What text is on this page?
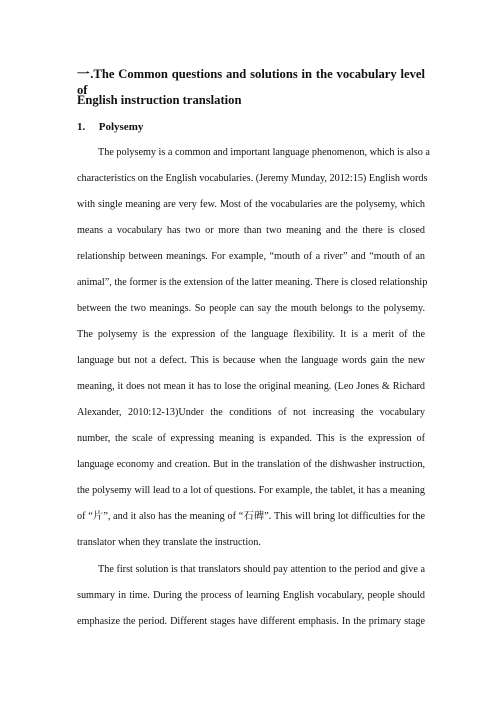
一.The Common questions and solutions in the vocabulary level of

English instruction translation

1. Polysemy

The polysemy is a common and important language phenomenon, which is also a

characteristics on the English vocabularies. (Jeremy Munday, 2012:15) English words

with single meaning are very few. Most of the vocabularies are the polysemy, which

means a vocabulary has two or more than two meaning and the there is closed

relationship between meanings. For example, “mouth of a river” and “mouth of an

animal”, the former is the extension of the latter meaning. There is closed relationship

between the two meanings. So people can say the mouth belongs to the polysemy.

The polysemy is the expression of the language flexibility. It is a merit of the

language but not a defect. This is because when the language words gain the new

meaning, it does not mean it has to lose the original meaning. (Leo Jones & Richard

Alexander, 2010:12-13)Under the conditions of not increasing the vocabulary

number, the scale of expressing meaning is expanded. This is the expression of

language economy and creation. But in the translation of the dishwasher instruction,

the polysemy will lead to a lot of questions. For example, the tablet, it has a meaning

of “片”, and it also has the meaning of “石碑”. This will bring lot difficulties for the

translator when they translate the instruction.

The first solution is that translators should pay attention to the period and give a

summary in time. During the process of learning English vocabulary, people should

emphasize the period. Different stages have different emphasis. In the primary stage
